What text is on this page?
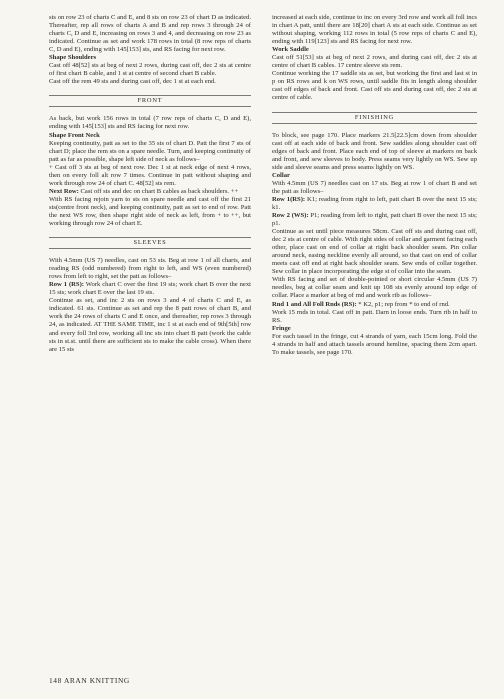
sts on row 23 of charts C and E, and 8 sts on row 23 of chart D as indicated. Thereafter, rep all rows of charts A and B and rep rows 3 through 24 of charts C, D and E, increasing on rows 3 and 4, and decreasing on row 23 as indicated. Continue as set and work 178 rows in total (8 row reps of charts C, D and E), ending with 145[153] sts, and RS facing for next row.

Shape Shoulders

Cast off 48[52] sts at beg of next 2 rows, during cast off, dec 2 sts at centre of first chart B cable, and 1 st at centre of second chart B cable.

Cast off the rem 49 sts and during cast off, dec 1 st at each end.

FRONT

As back, but work 156 rows in total (7 row reps of charts C, D and E), ending with 145[153] sts and RS facing for next row.

Shape Front Neck

Keeping continuity, patt as set to the 35 sts of chart D. Patt the first 7 sts of chart D; place the rem sts on a spare needle. Turn, and keeping continuity of patt as far as possible, shape left side of neck as follows–

+ Cast off 3 sts at beg of next row. Dec 1 st at neck edge of next 4 rows, then on every foll alt row 7 times. Continue in patt without shaping and work through row 24 of chart C. 48[52] sts rem.

Next Row: Cast off sts and dec on chart B cables as back shoulders. ++

With RS facing rejoin yarn to sts on spare needle and cast off the first 21 sts(centre front neck), and keeping continuity, patt as set to end of row. Patt the next WS row, then shape right side of neck as left, from + to ++, but working through row 24 of chart E.

SLEEVES

With 4.5mm (US 7) needles, cast on 53 sts. Beg at row 1 of all charts, and reading RS (odd numbered) from right to left, and WS (even numbered) rows from left to right, set the patt as follows–

Row 1 (RS): Work chart C over the first 19 sts; work chart B over the next 15 sts; work chart E over the last 19 sts.

Continue as set, and inc 2 sts on rows 3 and 4 of charts C and E, as indicated. 61 sts. Continue as set and rep the 8 patt rows of chart B, and work the 24 rows of charts C and E once, and thereafter, rep rows 3 through 24, as indicated. AT THE SAME TIME, inc 1 st at each end of 9th[5th] row and every foll 3rd row, working all inc sts into chart B patt (work the cable sts in st.st. until there are sufficient sts to make the cable cross). When there are 15 sts

increased at each side, continue to inc on every 3rd row and work all foll incs in chart A patt, until there are 18[20] chart A sts at each side. Continue as set without shaping, working 112 rows in total (5 row reps of charts C and E), ending with 119[123] sts and RS facing for next row.

Work Saddle

Cast off 51[53] sts at beg of next 2 rows, and during cast off, dec 2 sts at centre of chart B cables. 17 centre sleeve sts rem.

Continue working the 17 saddle sts as set, but working the first and last st in p on RS rows and k on WS rows, until saddle fits in length along shoulder cast off edges of back and front. Cast off sts and during cast off, dec 2 sts at centre of cable.

FINISHING

To block, see page 170. Place markers 21.5[22.5]cm down from shoulder cast off at each side of back and front. Sew saddles along shoulder cast off edges of back and front. Place each end of top of sleeve at markers on back and front, and sew sleeves to body. Press seams very lightly on WS. Sew up side and sleeve seams and press seams lightly on WS.

Collar

With 4.5mm (US 7) needles cast on 17 sts. Beg at row 1 of chart B and set the patt as follows–

Row 1(RS): K1; reading from right to left, patt chart B over the next 15 sts; k1.

Row 2 (WS): P1; reading from left to right, patt chart B over the next 15 sts; p1.

Continue as set until piece measures 58cm. Cast off sts and during cast off, dec 2 sts at centre of cable. With right sides of collar and garment facing each other, place cast on end of collar at right back shoulder seam. Pin collar around neck, easing neckline evenly all around, so that cast on end of collar meets cast off end at right back shoulder seam. Sew ends of collar together. Sew collar in place incorporating the edge st of collar into the seam.

With RS facing and set of double-pointed or short circular 4.5mm (US 7) needles, beg at collar seam and knit up 108 sts evenly around top edge of collar. Place a marker at beg of rnd and work rib as follows–

Rnd 1 and All Foll Rnds (RS): * K2, p1; rep from * to end of rnd.

Work 15 rnds in total. Cast off in patt. Darn in loose ends. Turn rib in half to RS.

Fringe

For each tassel in the fringe, cut 4 strands of yarn, each 15cm long. Fold the 4 strands in half and attach tassels around hemline, spacing them 2cm apart. To make tassels, see page 170.

148 ARAN KNITTING
